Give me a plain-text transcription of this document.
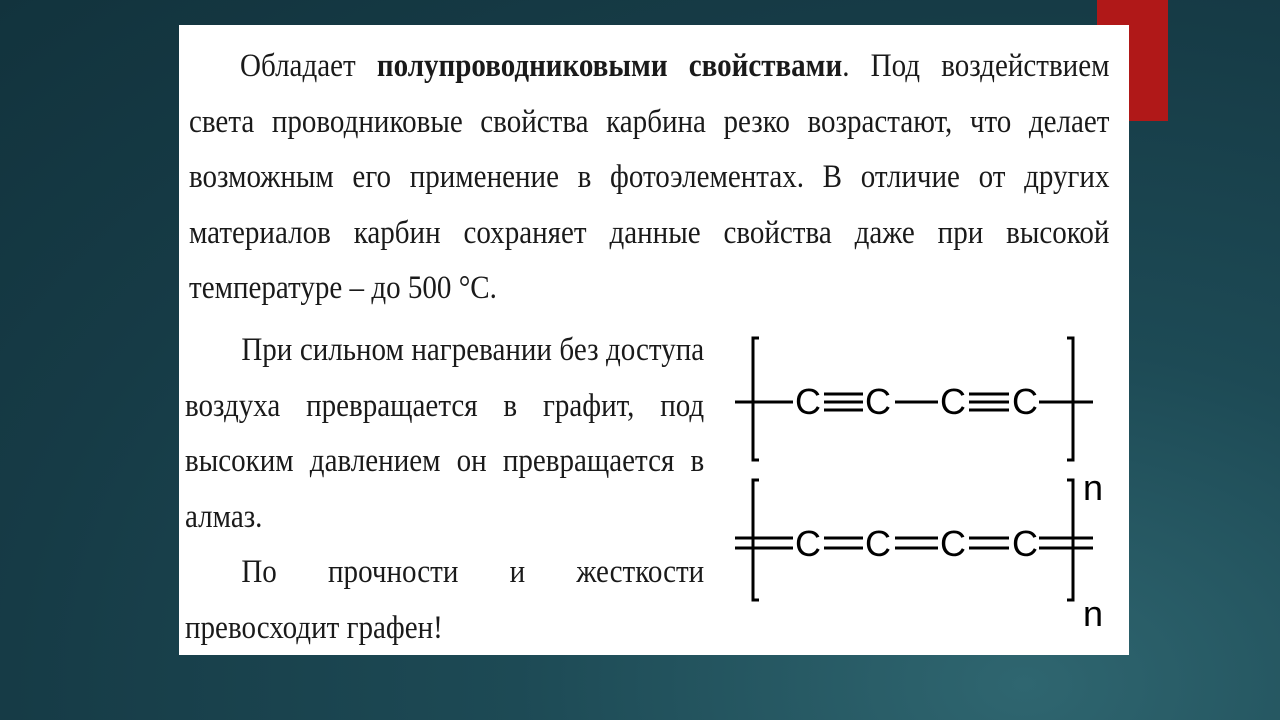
Обладает полупроводниковыми свойствами. Под воздействием света проводниковые свойства карбина резко возрастают, что делает возможным его применение в фотоэлементах. В отличие от других материалов карбин сохраняет данные свойства даже при высокой температуре – до 500 °С.

При сильном нагревании без доступа воздуха превращается в графит, под высоким давлением он превращается в алмаз.

По прочности и жесткости превосходит графен!

C C C C
n
C C C C
n
